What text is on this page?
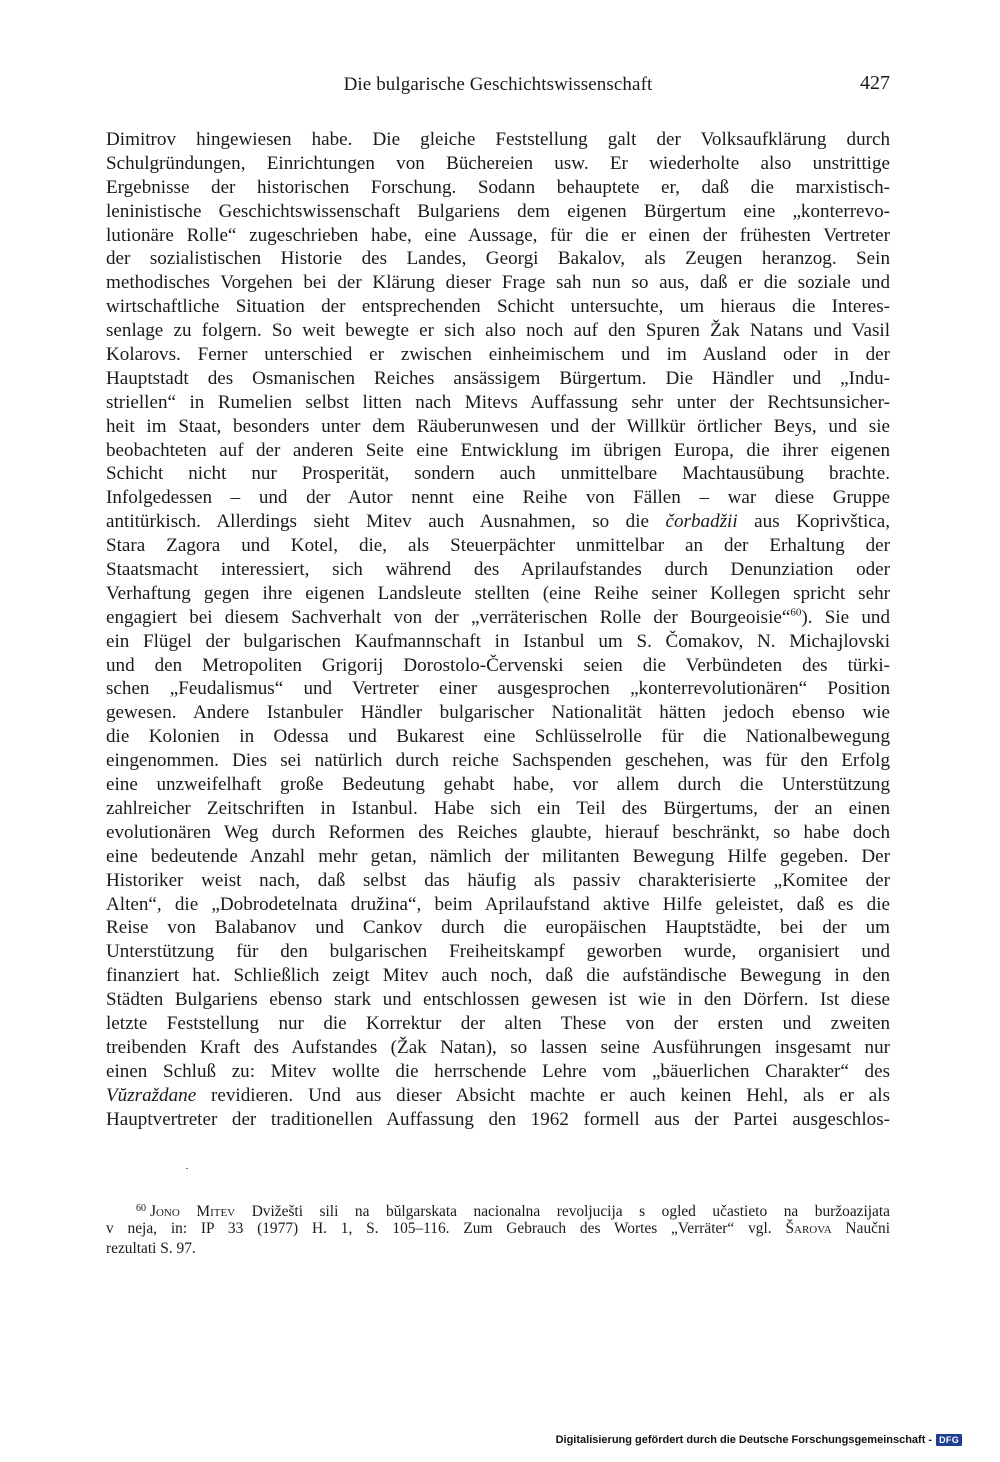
Die bulgarische Geschichtswissenschaft	427
Dimitrov hingewiesen habe. Die gleiche Feststellung galt der Volksaufklärung durch
Schulgründungen, Einrichtungen von Büchereien usw. Er wiederholte also unstrittige
Ergebnisse der historischen Forschung. Sodann behauptete er, daß die marxistisch-
leninistische Geschichtswissenschaft Bulgariens dem eigenen Bürgertum eine „konterrevo-
lutionäre Rolle“ zugeschrieben habe, eine Aussage, für die er einen der frühesten Vertreter
der sozialistischen Historie des Landes, Georgi Bakalov, als Zeugen heranzog. Sein
methodisches Vorgehen bei der Klärung dieser Frage sah nun so aus, daß er die soziale und
wirtschaftliche Situation der entsprechenden Schicht untersuchte, um hieraus die Interes-
senlage zu folgern. So weit bewegte er sich also noch auf den Spuren Žak Natans und Vasil
Kolarovs. Ferner unterschied er zwischen einheimischem und im Ausland oder in der
Hauptstadt des Osmanischen Reiches ansässigem Bürgertum. Die Händler und „Indu-
striellen“ in Rumelien selbst litten nach Mitevs Auffassung sehr unter der Rechtsunsicher-
heit im Staat, besonders unter dem Räuberunwesen und der Willkür örtlicher Beys, und sie
beobachteten auf der anderen Seite eine Entwicklung im übrigen Europa, die ihrer eigenen
Schicht nicht nur Prosperität, sondern auch unmittelbare Machtausübung brachte.
Infolgedessen – und der Autor nennt eine Reihe von Fällen – war diese Gruppe
antitürkisch. Allerdings sieht Mitev auch Ausnahmen, so die čorbadžii aus Koprivštica,
Stara Zagora und Kotel, die, als Steuerpächter unmittelbar an der Erhaltung der
Staatsmacht interessiert, sich während des Aprilaufstandes durch Denunziation oder
Verhaftung gegen ihre eigenen Landsleute stellten (eine Reihe seiner Kollegen spricht sehr
engagiert bei diesem Sachverhalt von der „verräterischen Rolle der Bourgeoisie“$^{60}$). Sie und
ein Flügel der bulgarischen Kaufmannschaft in Istanbul um S. Čomakov, N. Michajlovski
und den Metropoliten Grigorij Dorostolo-Červenski seien die Verbündeten des türki-
schen „Feudalismus“ und Vertreter einer ausgesprochen „konterrevolutionären“ Position
gewesen. Andere Istanbuler Händler bulgarischer Nationalität hätten jedoch ebenso wie
die Kolonien in Odessa und Bukarest eine Schlüsselrolle für die Nationalbewegung
eingenommen. Dies sei natürlich durch reiche Sachspenden geschehen, was für den Erfolg
eine unzweifelhaft große Bedeutung gehabt habe, vor allem durch die Unterstützung
zahlreicher Zeitschriften in Istanbul. Habe sich ein Teil des Bürgertums, der an einen
evolutionären Weg durch Reformen des Reiches glaubte, hierauf beschränkt, so habe doch
eine bedeutende Anzahl mehr getan, nämlich der militanten Bewegung Hilfe gegeben. Der
Historiker weist nach, daß selbst das häufig als passiv charakterisierte „Komitee der
Alten“, die „Dobrodetelnata družina“, beim Aprilaufstand aktive Hilfe geleistet, daß es die
Reise von Balabanov und Cankov durch die europäischen Hauptstädte, bei der um
Unterstützung für den bulgarischen Freiheitskampf geworben wurde, organisiert und
finanziert hat. Schließlich zeigt Mitev auch noch, daß die aufständische Bewegung in den
Städten Bulgariens ebenso stark und entschlossen gewesen ist wie in den Dörfern. Ist diese
letzte Feststellung nur die Korrektur der alten These von der ersten und zweiten
treibenden Kraft des Aufstandes (Žak Natan), so lassen seine Ausführungen insgesamt nur
einen Schluß zu: Mitev wollte die herrschende Lehre vom „bäuerlichen Charakter“ des
Vŭzraždane revidieren. Und aus dieser Absicht machte er auch keinen Hehl, als er als
Hauptvertreter der traditionellen Auffassung den 1962 formell aus der Partei ausgeschlos-
$^{60}$ Jono Mitev Dvižešti sili na bŭlgarskata nacionalna revoljucija s ogled učastieto na buržoazijata
v neja, in: IP 33 (1977) H. 1, S. 105–116. Zum Gebrauch des Wortes „Verräter“ vgl. Šarova Naučni
rezultati S. 97.
Digitalisierung gefördert durch die Deutsche Forschungsgemeinschaft - DFG
